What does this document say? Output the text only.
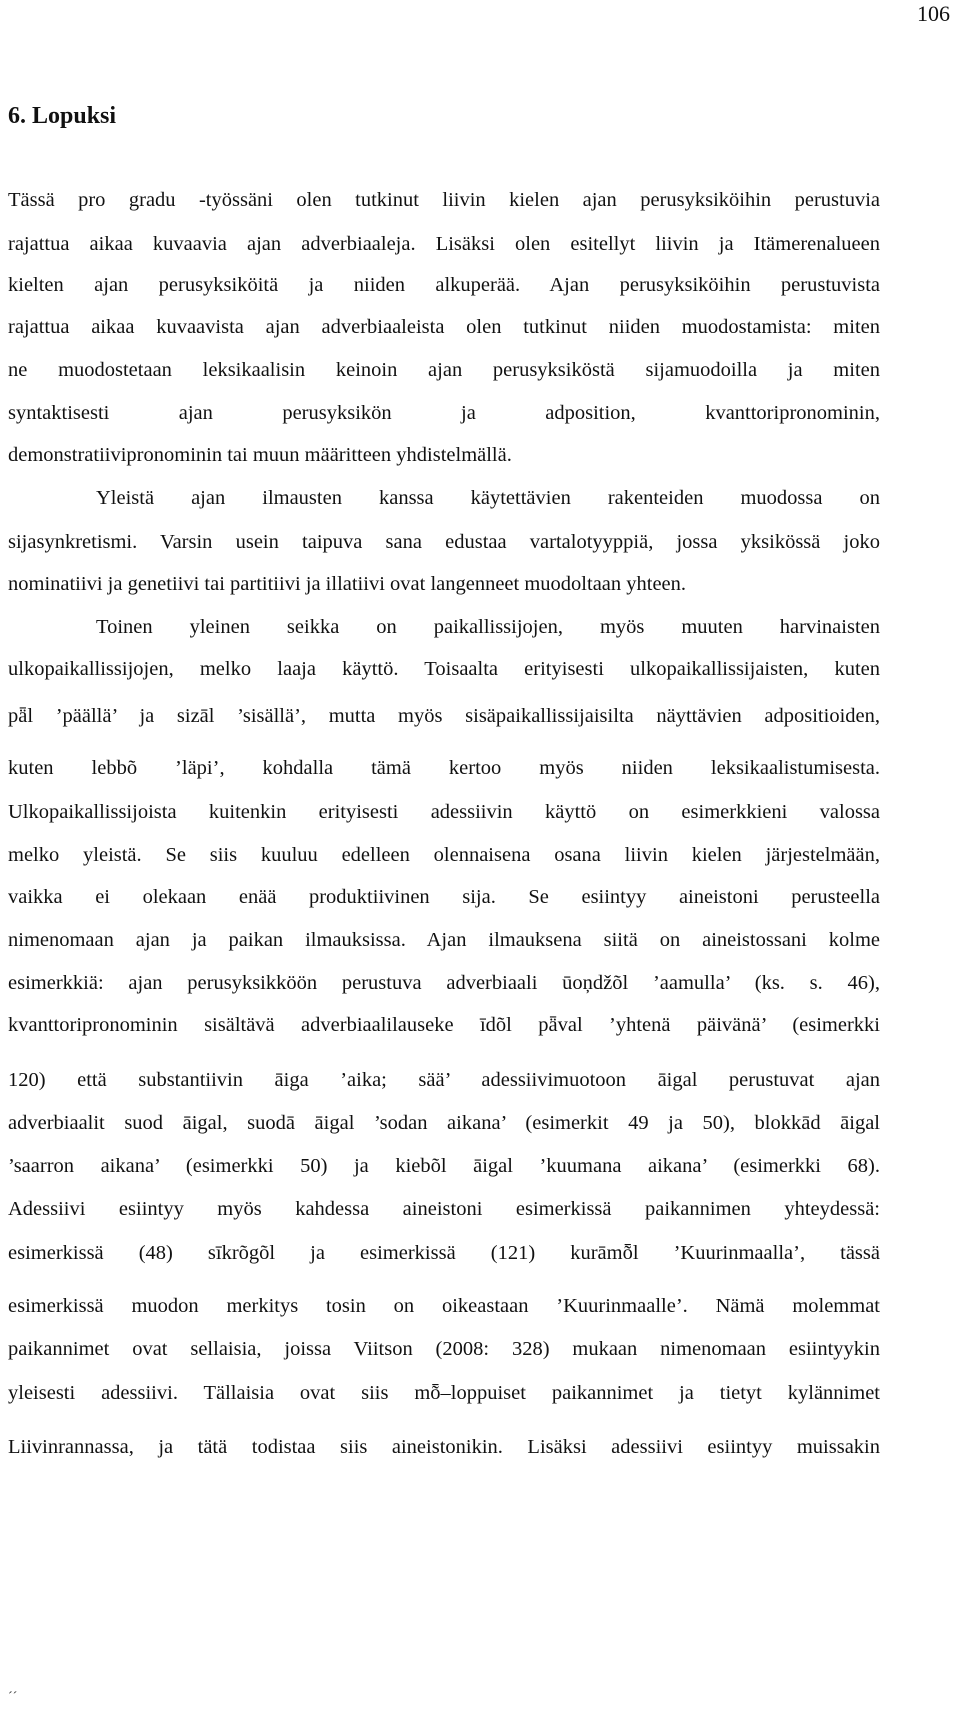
106
6. Lopuksi
Tässä pro gradu -työssäni olen tutkinut liivin kielen ajan perusyksiköihin perustuvia
rajattua aikaa kuvaavia ajan adverbiaaleja. Lisäksi olen esitellyt liivin ja Itämerenalueen
kielten ajan perusyksiköitä ja niiden alkuperää. Ajan perusyksiköihin perustuvista
rajattua aikaa kuvaavista ajan adverbiaaleista olen tutkinut niiden muodostamista: miten
ne muodostetaan leksikaalisin keinoin ajan perusyksiköstä sijamuodoilla ja miten
syntaktisesti ajan perusyksikön ja adposition, kvanttoripronominin,
demonstratiivipronominin tai muun määritteen yhdistelmällä.
Yleistä ajan ilmausten kanssa käytettävien rakenteiden muodossa on
sijasynkretismi. Varsin usein taipuva sana edustaa vartalotyyppiä, jossa yksikössä joko
nominatiivi ja genetiivi tai partitiivi ja illatiivi ovat langenneet muodoltaan yhteen.
Toinen yleinen seikka on paikallissijojen, myös muuten harvinaisten
ulkopaikallissijojen, melko laaja käyttö. Toisaalta erityisesti ulkopaikallissijaisten, kuten
pǟl ’päällä’ ja sizāl ’sisällä’, mutta myös sisäpaikallissijaisilta näyttävien adpositioiden,
kuten lebbõ ’läpi’, kohdalla tämä kertoo myös niiden leksikaalistumisesta.
Ulkopaikallissijoista kuitenkin erityisesti adessiivin käyttö on esimerkkieni valossa
melko yleistä. Se siis kuuluu edelleen olennaisena osana liivin kielen järjestelmään,
vaikka ei olekaan enää produktiivinen sija. Se esiintyy aineistoni perusteella
nimenomaan ajan ja paikan ilmauksissa. Ajan ilmauksena siitä on aineistossani kolme
esimerkkiä: ajan perusyksikköön perustuva adverbiaali ūoņdžõl ’aamulla’ (ks. s. 46),
kvanttoripronominin sisältävä adverbiaalilauseke īdõl pǟval ’yhtenä päivänä’ (esimerkki
120) että substantiivin āiga ’aika; sää’ adessiivimuotoon āigal perustuvat ajan
adverbiaalit suod āigal, suodā āigal ’sodan aikana’ (esimerkit 49 ja 50), blokkād āigal
’saarron aikana’ (esimerkki 50) ja kiebõl āigal ’kuumana aikana’ (esimerkki 68).
Adessiivi esiintyy myös kahdessa aineistoni esimerkissä paikannimen yhteydessä:
esimerkissä (48) sīkrõgõl ja esimerkissä (121) kurāmȭl ’Kuurinmaalla’, tässä
esimerkissä muodon merkitys tosin on oikeastaan ’Kuurinmaalle’. Nämä molemmat
paikannimet ovat sellaisia, joissa Viitson (2008: 328) mukaan nimenomaan esiintyykin
yleisesti adessiivi. Tällaisia ovat siis mȭ–loppuiset paikannimet ja tietyt kylännimet
Liivinrannassa, ja tätä todistaa siis aineistonikin. Lisäksi adessiivi esiintyy muissakin
´´
